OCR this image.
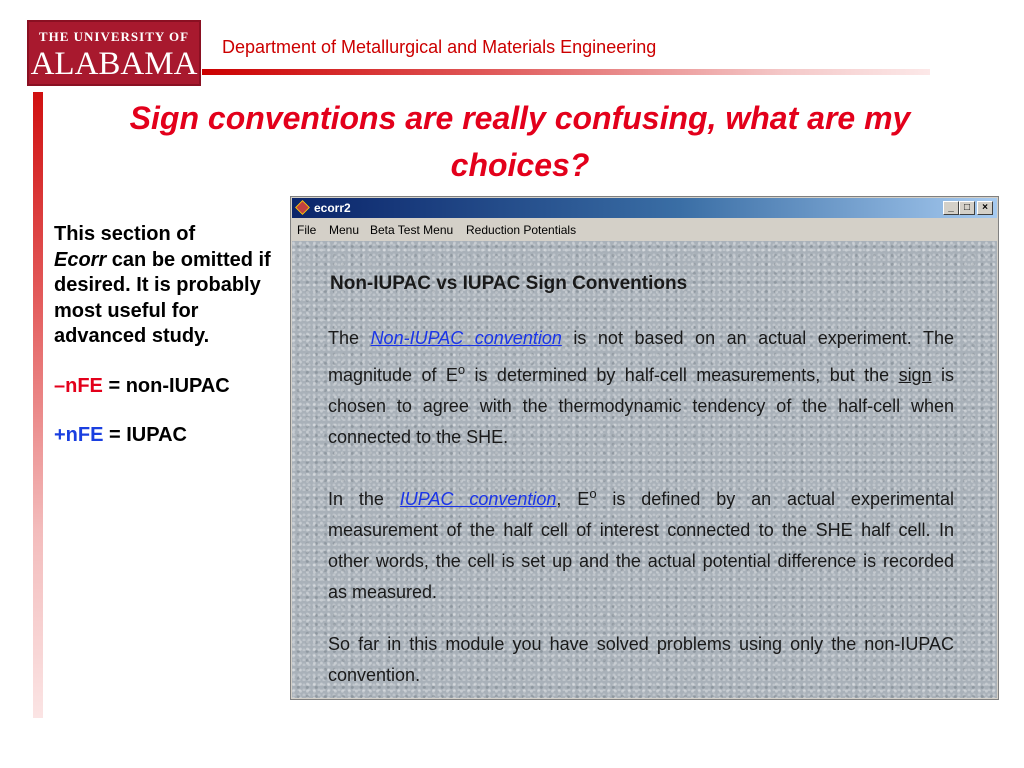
THE UNIVERSITY OF
ALABAMA Department of Metallurgical and Materials Engineering
Sign conventions are really confusing, what are my choices?

This section of
Ecorr can be omitted if desired. It is probably most useful for advanced study.

–nFE = non-IUPAC

+nFE = IUPAC

ecorr2	_	□	×
File Menu Beta Test Menu Reduction Potentials
Non-IUPAC vs IUPAC Sign Conventions
The Non-IUPAC convention is not based on an actual experiment. The magnitude of $E^o$ is determined by half-cell measurements, but the sign is chosen to agree with the thermodynamic tendency of the half-cell when connected to the SHE.
In the IUPAC convention, $E^o$ is defined by an actual experimental measurement of the half cell of interest connected to the SHE half cell. In other words, the cell is set up and the actual potential difference is recorded as measured.
So far in this module you have solved problems using only the non-IUPAC convention.
